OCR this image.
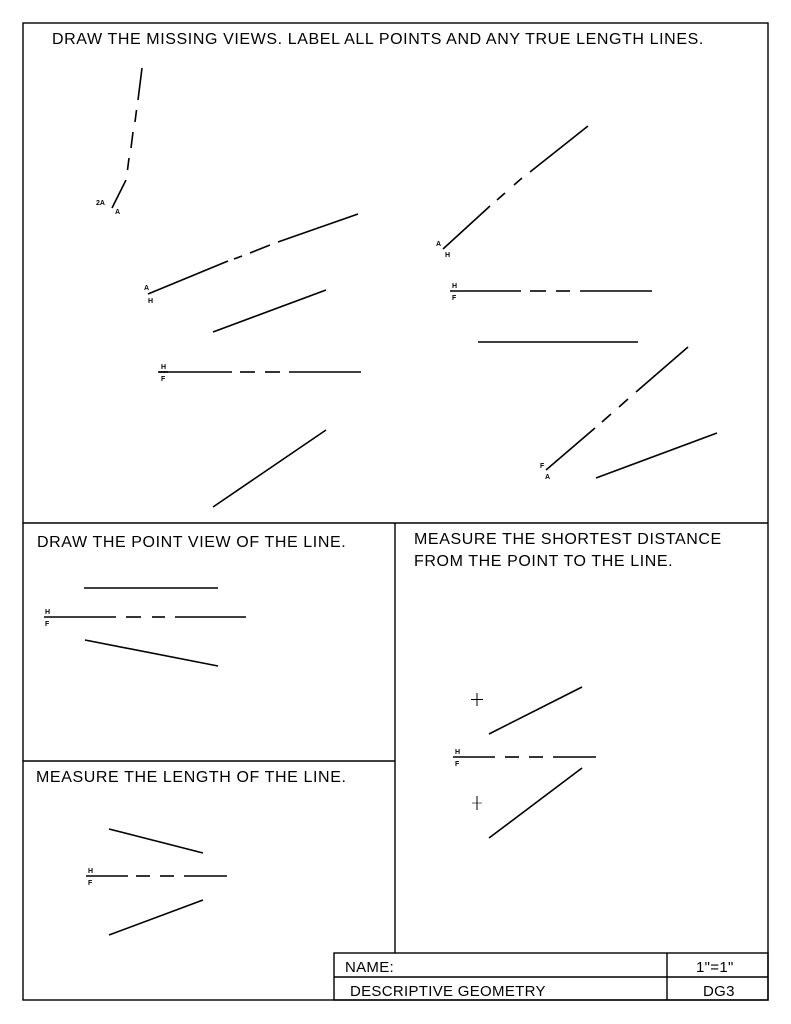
DRAW THE MISSING VIEWS. LABEL ALL POINTS AND ANY TRUE LENGTH LINES.
2A
A
A
H
H
F
A
H
H
F
F
A
DRAW THE POINT VIEW OF THE LINE.
H
F
MEASURE THE LENGTH OF THE LINE.
H
F
MEASURE THE SHORTEST DISTANCE
FROM THE POINT TO THE LINE.
H
F
NAME:	1"=1"
DESCRIPTIVE GEOMETRY	DG3
